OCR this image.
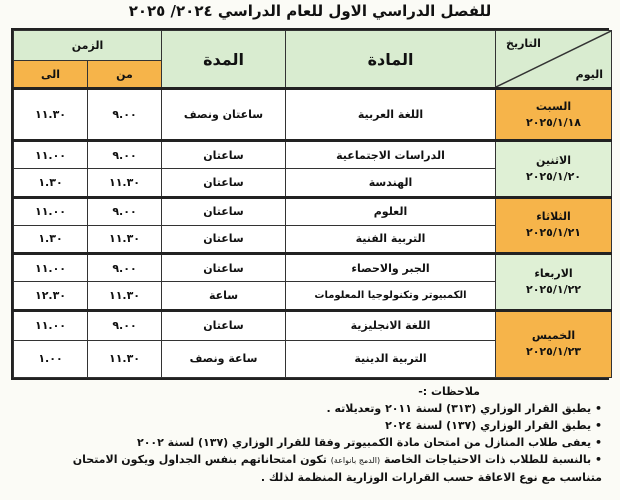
للفصل الدراسي الاول للعام الدراسي ٢٠٢٤/ ٢٠٢٥
التاريخ
اليوم	المادة	المدة	الزمن	
			من	الى

السبت
٢٠٢٥/١/١٨	اللغة العربية	ساعتان ونصف	٩.٠٠	١١.٣٠

الاثنين
٢٠٢٥/١/٢٠	الدراسات الاجتماعية	ساعتان	٩.٠٠	١١.٠٠
	الهندسة	ساعتان	١١.٣٠	١.٣٠

الثلاثاء
٢٠٢٥/١/٢١	العلوم	ساعتان	٩.٠٠	١١.٠٠
	التربية الفنية	ساعتان	١١.٣٠	١.٣٠

الاربعاء
٢٠٢٥/١/٢٢	الجبر والاحصاء	ساعتان	٩.٠٠	١١.٠٠
	الكمبيوتر وتكنولوجيا المعلومات	ساعة	١١.٣٠	١٢.٣٠

الخميس
٢٠٢٥/١/٢٣	اللغة الانجليزية	ساعتان	٩.٠٠	١١.٠٠
	التربية الدينية	ساعة ونصف	١١.٣٠	١.٠٠
ملاحظات :-
• يطبق القرار الوزاري (٣١٣) لسنة ٢٠١١ وتعديلاته .
• يطبق القرار الوزاري (١٣٧) لسنة ٢٠٢٤
• يعفى طلاب المنازل من امتحان مادة الكمبيوتر وفقا للقرار الوزاري (١٣٧) لسنة ٢٠٠٢
• بالنسبة للطلاب ذات الاحتياجات الخاصة (الدمج بانواعة) تكون امتحاناتهم بنفس الجداول ويكون الامتحان
متناسب مع نوع الاعاقة حسب القرارات الوزارية المنظمة لذلك .
